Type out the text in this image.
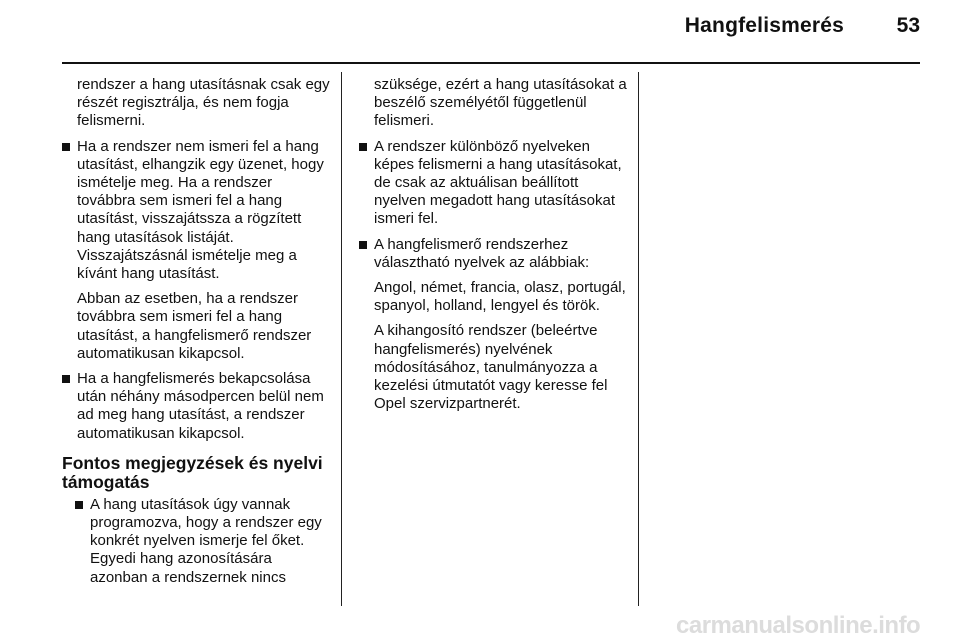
Hangfelismerés	53

rendszer a hang utasításnak csak egy részét regisztrálja, és nem fogja felismerni.

Ha a rendszer nem ismeri fel a hang utasítást, elhangzik egy üzenet, hogy ismételje meg. Ha a rendszer továbbra sem ismeri fel a hang utasítást, visszajátssza a rögzített hang utasítások listáját. Visszajátszásnál ismételje meg a kívánt hang utasítást.

Abban az esetben, ha a rendszer továbbra sem ismeri fel a hang utasítást, a hangfelismerő rendszer automatikusan kikapcsol.

Ha a hangfelismerés bekapcsolása után néhány másodpercen belül nem ad meg hang utasítást, a rendszer automatikusan kikapcsol.
Fontos megjegyzések és nyelvi támogatás
A hang utasítások úgy vannak programozva, hogy a rendszer egy konkrét nyelven ismerje fel őket. Egyedi hang azonosítására azonban a rendszernek nincs

szüksége, ezért a hang utasításokat a beszélő személyétől függetlenül felismeri.

A rendszer különböző nyelveken képes felismerni a hang utasításokat, de csak az aktuálisan beállított nyelven megadott hang utasításokat ismeri fel.
A hangfelismerő rendszerhez választható nyelvek az alábbiak:

Angol, német, francia, olasz, portugál, spanyol, holland, lengyel és török.

A kihangosító rendszer (beleértve hangfelismerés) nyelvének módosításához, tanulmányozza a kezelési útmutatót vagy keresse fel Opel szervizpartnerét.

carmanualsonline.info
